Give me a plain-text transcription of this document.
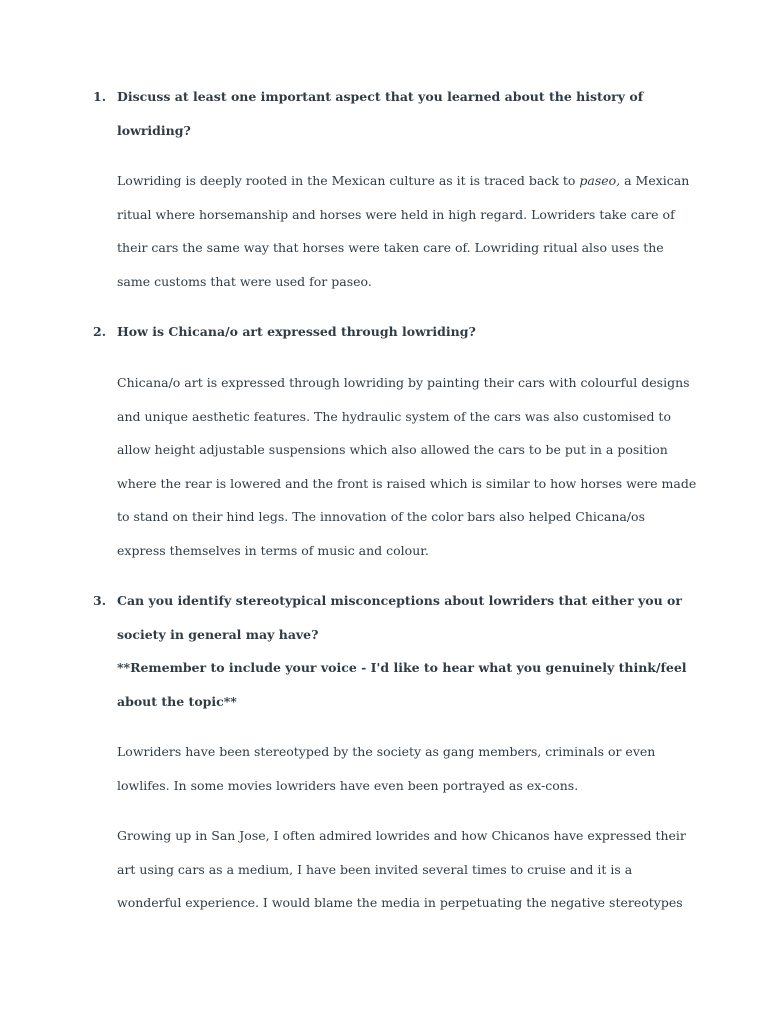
1. Discuss at least one important aspect that you learned about the history of lowriding?

Lowriding is deeply rooted in the Mexican culture as it is traced back to paseo, a Mexican ritual where horsemanship and horses were held in high regard. Lowriders take care of their cars the same way that horses were taken care of. Lowriding ritual also uses the same customs that were used for paseo.

2. How is Chicana/o art expressed through lowriding?

Chicana/o art is expressed through lowriding by painting their cars with colourful designs and unique aesthetic features. The hydraulic system of the cars was also customised to allow height adjustable suspensions which also allowed the cars to be put in a position where the rear is lowered and the front is raised which is similar to how horses were made to stand on their hind legs. The innovation of the color bars also helped Chicana/os express themselves in terms of music and colour.

3. Can you identify stereotypical misconceptions about lowriders that either you or society in general may have?
**Remember to include your voice - I'd like to hear what you genuinely think/feel about the topic**

Lowriders have been stereotyped by the society as gang members, criminals or even lowlifes. In some movies lowriders have even been portrayed as ex-cons.

Growing up in San Jose, I often admired lowrides and how Chicanos have expressed their art using cars as a medium, I have been invited several times to cruise and it is a wonderful experience. I would blame the media in perpetuating the negative stereotypes
